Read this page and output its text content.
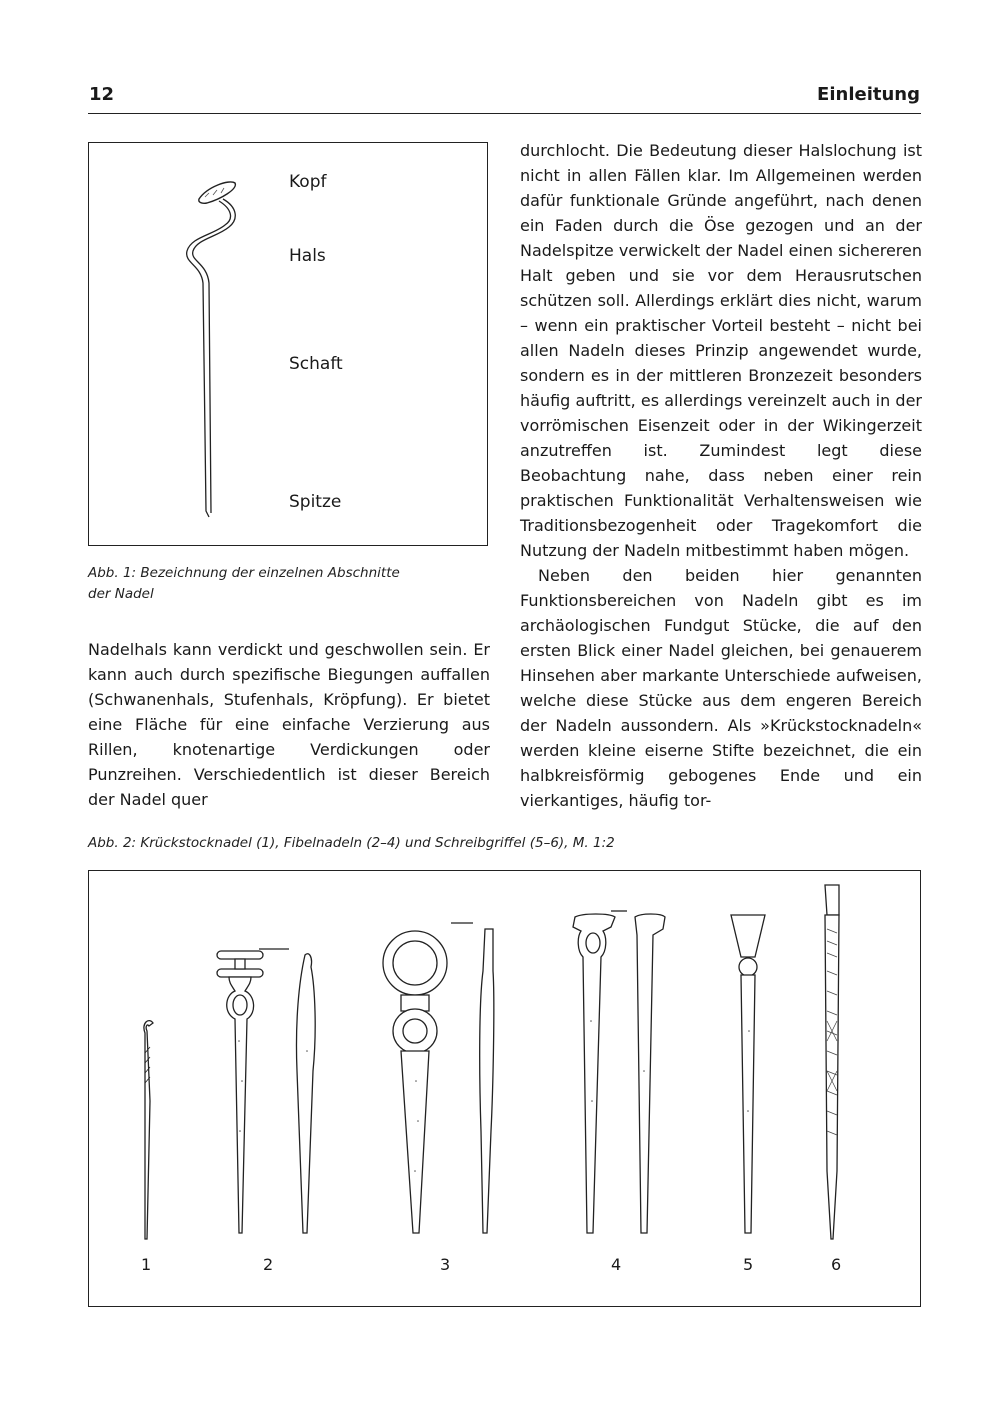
12	Einleitung
Kopf
Hals
Schaft
Spitze
Abb. 1: Bezeichnung der einzelnen Abschnitte
der Nadel

Nadelhals kann verdickt und geschwollen sein. Er kann auch durch spezifische Biegungen auffallen (Schwanenhals, Stufenhals, Kröpfung). Er bietet eine Fläche für eine einfache Verzierung aus Rillen, knotenartige Verdickungen oder Punzreihen. Verschiedentlich ist dieser Bereich der Nadel quer

durchlocht. Die Bedeutung dieser Halslochung ist nicht in allen Fällen klar. Im Allgemeinen werden dafür funktionale Gründe angeführt, nach denen ein Faden durch die Öse gezogen und an der Nadelspitze verwickelt der Nadel einen sichereren Halt geben und sie vor dem Herausrutschen schützen soll. Allerdings erklärt dies nicht, warum – wenn ein praktischer Vorteil besteht – nicht bei allen Nadeln dieses Prinzip angewendet wurde, sondern es in der mittleren Bronzezeit besonders häufig auftritt, es allerdings vereinzelt auch in der vorrömischen Eisenzeit oder in der Wikingerzeit anzutreffen ist. Zumindest legt diese Beobachtung nahe, dass neben einer rein praktischen Funktionalität Verhaltensweisen wie Traditionsbezogenheit oder Tragekomfort die Nutzung der Nadeln mitbestimmt haben mögen.

Neben den beiden hier genannten Funktionsbereichen von Nadeln gibt es im archäologischen Fundgut Stücke, die auf den ersten Blick einer Nadel gleichen, bei genauerem Hinsehen aber markante Unterschiede aufweisen, welche diese Stücke aus dem engeren Bereich der Nadeln aussondern. Als »Krückstocknadeln« werden kleine eiserne Stifte bezeichnet, die ein halbkreisförmig gebogenes Ende und ein vierkantiges, häufig tor-

Abb. 2: Krückstocknadel (1), Fibelnadeln (2–4) und Schreibgriffel (5–6), M. 1:2
1	2	3	4	5	6
